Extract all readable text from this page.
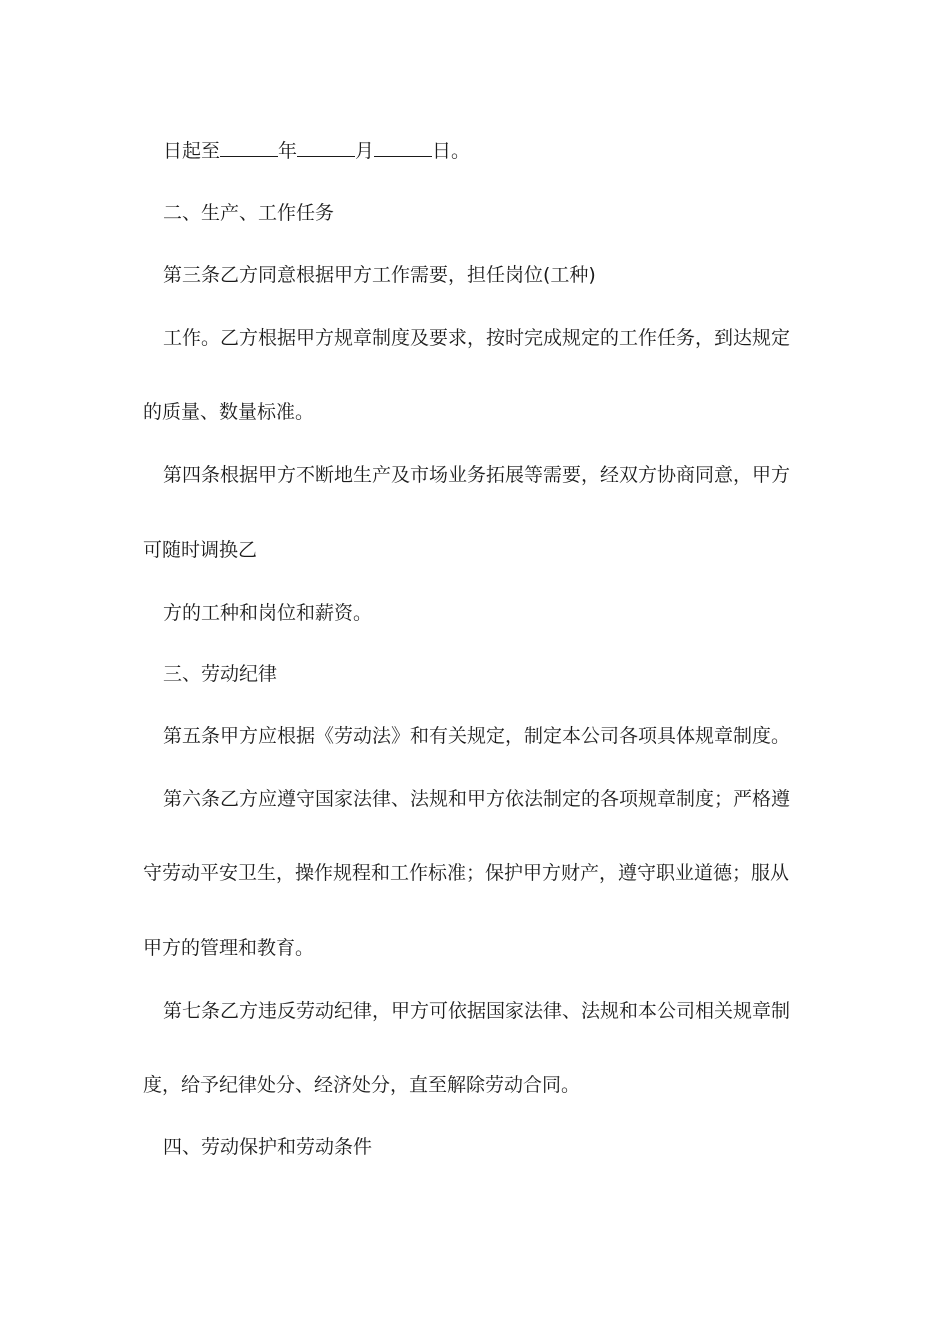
日起至	年	月	日。
二、生产、工作任务
第三条乙方同意根据甲方工作需要，担任岗位(工种)
工作。乙方根据甲方规章制度及要求，按时完成规定的工作任务，到达规定
的质量、数量标准。
第四条根据甲方不断地生产及市场业务拓展等需要，经双方协商同意，甲方
可随时调换乙
方的工种和岗位和薪资。
三、劳动纪律
第五条甲方应根据《劳动法》和有关规定，制定本公司各项具体规章制度。
第六条乙方应遵守国家法律、法规和甲方依法制定的各项规章制度；严格遵
守劳动平安卫生，操作规程和工作标准；保护甲方财产，遵守职业道德；服从
甲方的管理和教育。
第七条乙方违反劳动纪律，甲方可依据国家法律、法规和本公司相关规章制
度，给予纪律处分、经济处分，直至解除劳动合同。
四、劳动保护和劳动条件
